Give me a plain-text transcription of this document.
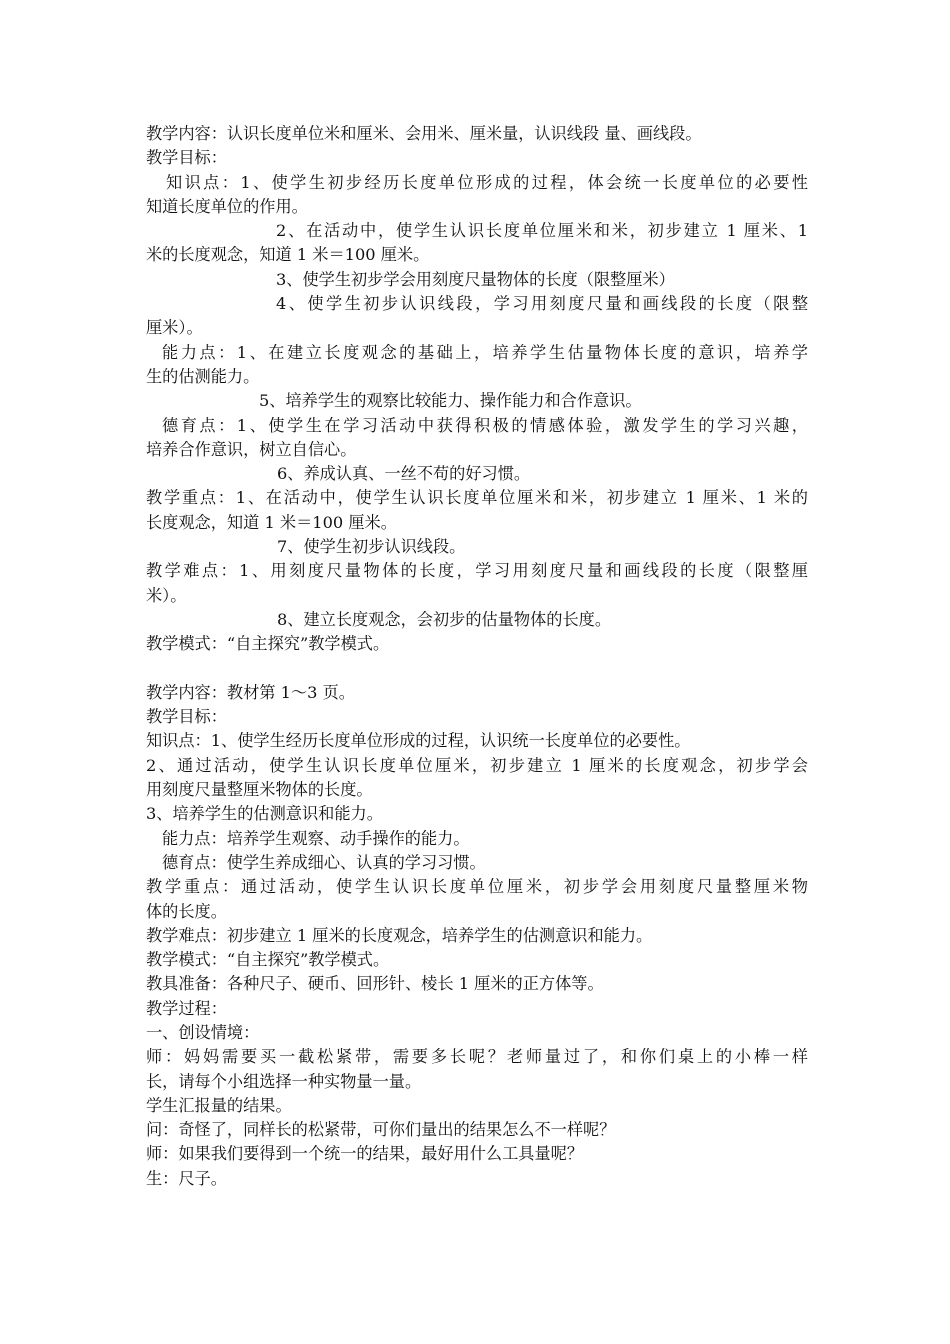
教学内容：认识长度单位米和厘米、会用米、厘米量，认识线段 量、画线段。
教学目标：
知识点：1、使学生初步经历长度单位形成的过程，体会统一长度单位的必要性
知道长度单位的作用。
2、在活动中，使学生认识长度单位厘米和米，初步建立 1 厘米、1
米的长度观念，知道 1 米＝100 厘米。
3、使学生初步学会用刻度尺量物体的长度（限整厘米）
4、使学生初步认识线段，学习用刻度尺量和画线段的长度（限整
厘米）。
能力点：1、在建立长度观念的基础上，培养学生估量物体长度的意识，培养学
生的估测能力。
5、培养学生的观察比较能力、操作能力和合作意识。
德育点：1、使学生在学习活动中获得积极的情感体验，激发学生的学习兴趣，
培养合作意识，树立自信心。
6、养成认真、一丝不苟的好习惯。
教学重点：1、在活动中，使学生认识长度单位厘米和米，初步建立 1 厘米、1 米的
长度观念，知道 1 米＝100 厘米。
7、使学生初步认识线段。
教学难点：1、用刻度尺量物体的长度，学习用刻度尺量和画线段的长度（限整厘
米）。
8、建立长度观念，会初步的估量物体的长度。
教学模式：“自主探究”教学模式。
教学内容：教材第 1～3 页。
教学目标：
知识点：1、使学生经历长度单位形成的过程，认识统一长度单位的必要性。
2、通过活动，使学生认识长度单位厘米，初步建立 1 厘米的长度观念，初步学会
用刻度尺量整厘米物体的长度。
3、培养学生的估测意识和能力。
能力点：培养学生观察、动手操作的能力。
德育点：使学生养成细心、认真的学习习惯。
教学重点：通过活动，使学生认识长度单位厘米，初步学会用刻度尺量整厘米物
体的长度。
教学难点：初步建立 1 厘米的长度观念，培养学生的估测意识和能力。
教学模式：“自主探究”教学模式。
教具准备：各种尺子、硬币、回形针、棱长 1 厘米的正方体等。
教学过程：
一、创设情境：
师：妈妈需要买一截松紧带，需要多长呢？老师量过了，和你们桌上的小棒一样
长，请每个小组选择一种实物量一量。
学生汇报量的结果。
问：奇怪了，同样长的松紧带，可你们量出的结果怎么不一样呢？
师：如果我们要得到一个统一的结果，最好用什么工具量呢？
生：尺子。
